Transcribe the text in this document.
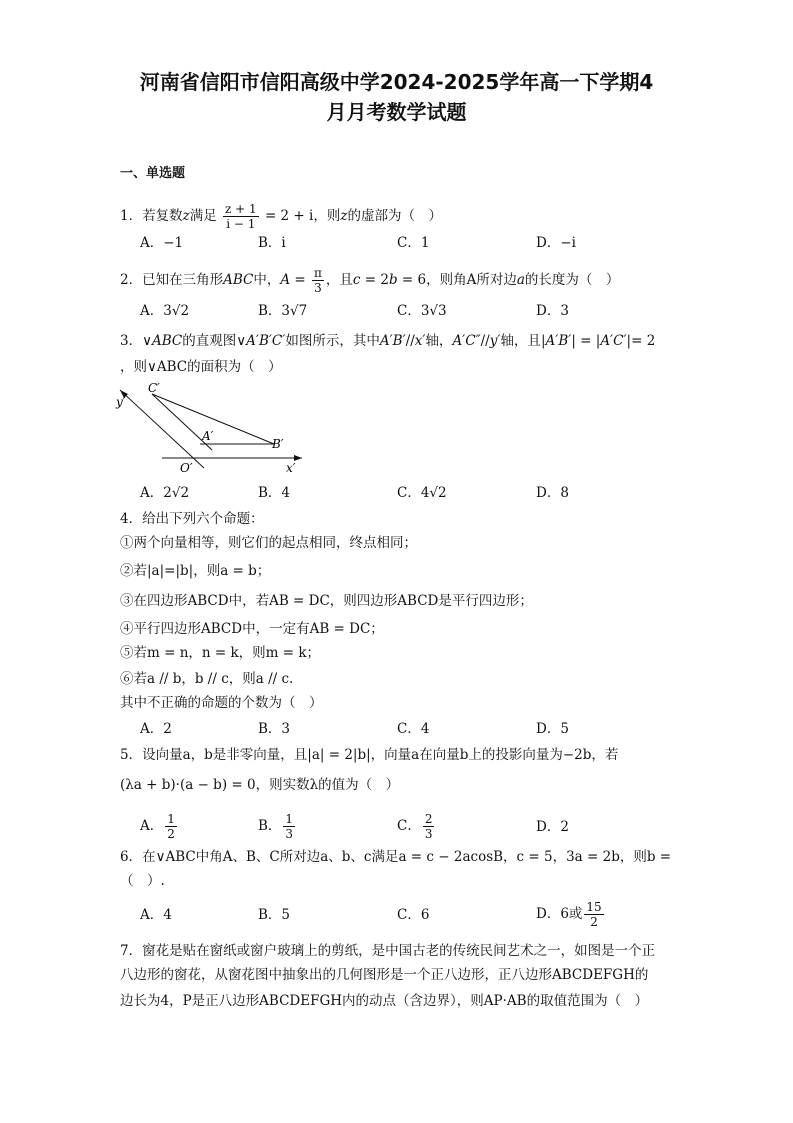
河南省信阳市信阳高级中学2024-2025学年高一下学期4
月月考数学试题
一、单选题
1．若复数z满足 $\frac{z + 1}{i - 1} = 2 + i$，则z的虚部为（　）
A．−1	B．i	C．1	D．−i
2．已知在三角形ABC中，$A = \frac{\pi}{3}$ ，且c = 2b = 6，则角A所对边a的长度为（　）
A．3√2	B．3√7	C．3√3	D．3
3．∨ABC的直观图∨A′B′C′如图所示，其中A′B′//x′轴，A′C″//y′轴，且|A′B′| = |A′C′|= 2
，则∨ABC的面积为（　）
y′
C′
A′
B′
O′	x′
A．2√2	B．4	C．4√2	D．8
4．给出下列六个命题：
①两个向量相等，则它们的起点相同，终点相同；
②若|a|=|b|，则a = b；
③在四边形ABCD中，若AB = DC，则四边形ABCD是平行四边形；
④平行四边形ABCD中，一定有AB = DC；
⑤若m = n，n = k，则m = k；
⑥若a // b，b // c，则a // c.
其中不正确的命题的个数为（　）
A．2	B．3	C．4	D．5
5．设向量a，b是非零向量，且|a| = 2|b|，向量a在向量b上的投影向量为−2b，若
(λa + b)·(a − b) = 0，则实数λ的值为（　）
A． $\frac{1}{2}$	B． $\frac{1}{3}$	C． $\frac{2}{3}$	D．2
6．在∨ABC中角A、B、C所对边a、b、c满足a = c − 2acosB，c = 5，3a = 2b，则b =
（　）.
A．4	B．5	C．6	D．6或 $\frac{15}{2}$
7．窗花是贴在窗纸或窗户玻璃上的剪纸，是中国古老的传统民间艺术之一，如图是一个正
八边形的窗花，从窗花图中抽象出的几何图形是一个正八边形，正八边形ABCDEFGH的
边长为4，P是正八边形ABCDEFGH内的动点（含边界），则AP·AB的取值范围为（　）
